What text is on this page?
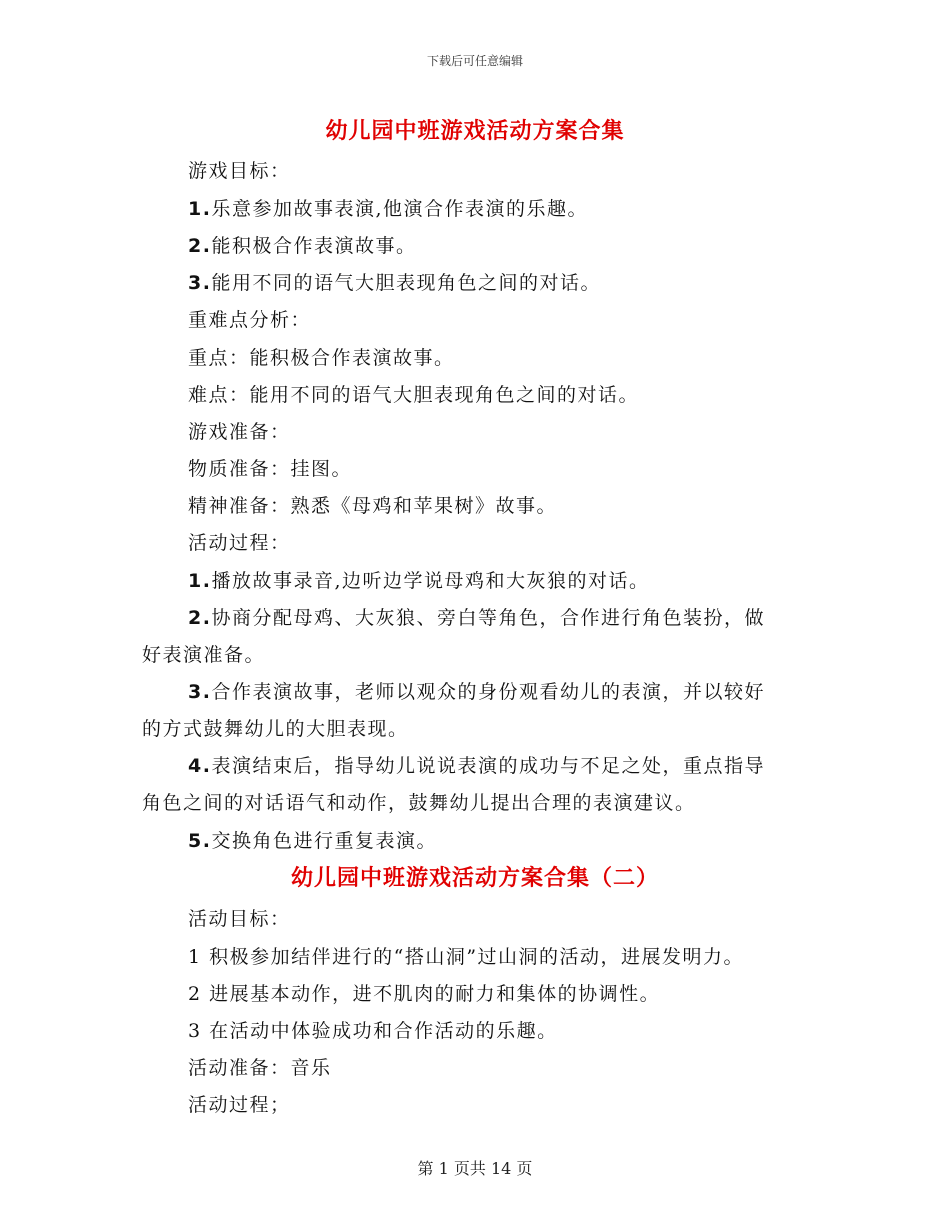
下载后可任意编辑
幼儿园中班游戏活动方案合集
游戏目标：
1.乐意参加故事表演,他演合作表演的乐趣。
2.能积极合作表演故事。
3.能用不同的语气大胆表现角色之间的对话。
重难点分析：
重点：能积极合作表演故事。
难点：能用不同的语气大胆表现角色之间的对话。
游戏准备：
物质准备：挂图。
精神准备：熟悉《母鸡和苹果树》故事。
活动过程：
1.播放故事录音,边听边学说母鸡和大灰狼的对话。
2.协商分配母鸡、大灰狼、旁白等角色，合作进行角色装扮，做
好表演准备。
3.合作表演故事，老师以观众的身份观看幼儿的表演，并以较好
的方式鼓舞幼儿的大胆表现。
4.表演结束后，指导幼儿说说表演的成功与不足之处，重点指导
角色之间的对话语气和动作，鼓舞幼儿提出合理的表演建议。
5.交换角色进行重复表演。
幼儿园中班游戏活动方案合集（二）
活动目标：
1 积极参加结伴进行的“搭山洞”过山洞的活动，进展发明力。
2 进展基本动作，进不肌肉的耐力和集体的协调性。
3 在活动中体验成功和合作活动的乐趣。
活动准备：音乐
活动过程；
第 1 页共 14 页
